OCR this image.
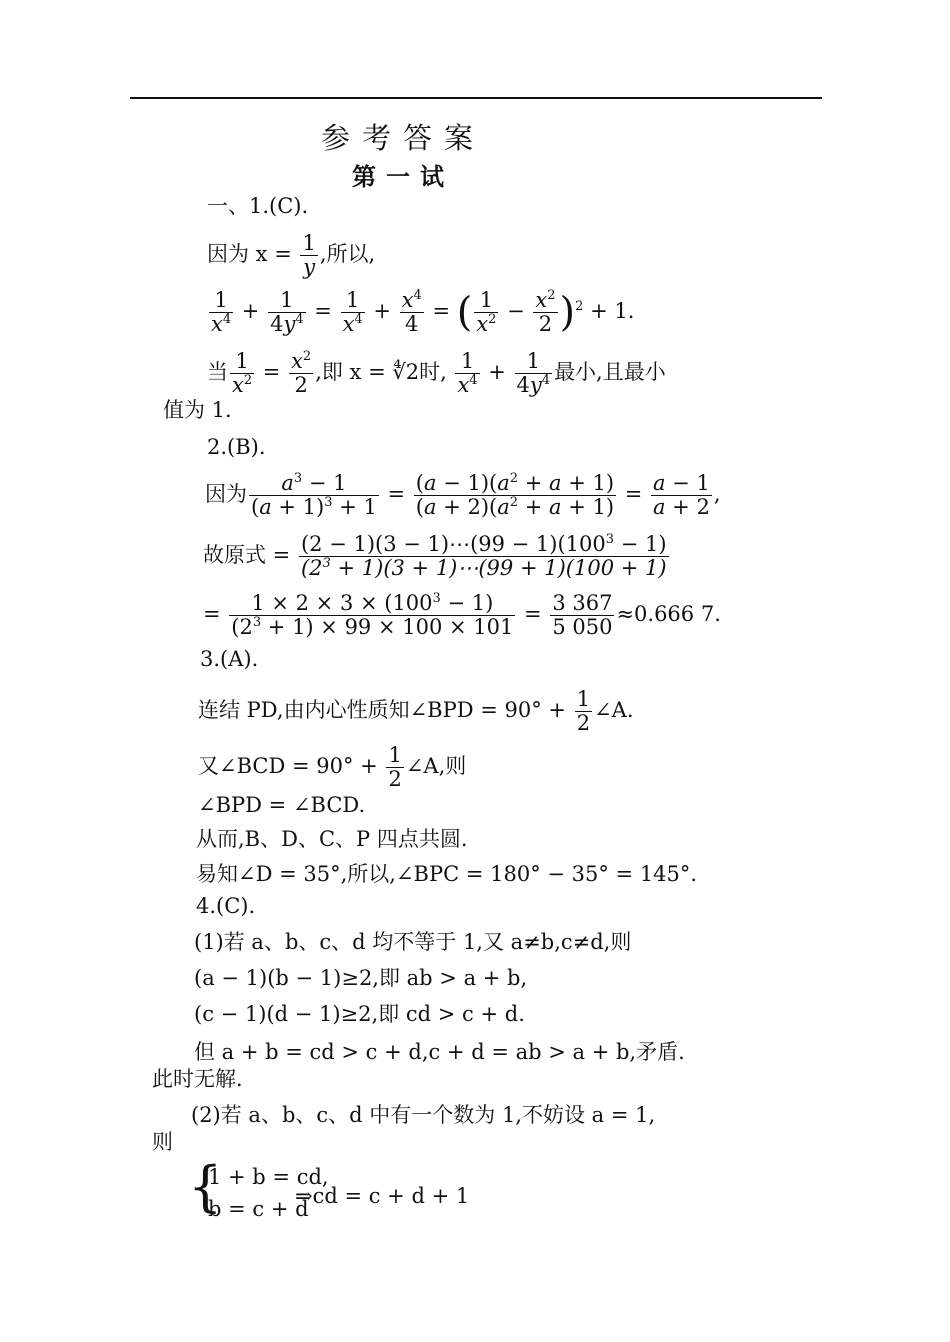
参考答案
第一试
一、1.(C).
因为 $x = \frac{1}{y}$ ,所以,
$\frac{1}{x^4} + \frac{1}{4y^4} = \frac{1}{x^4} + \frac{x^4}{4}$ = ( $\frac{1}{x^2} - \frac{x^2}{2} )^2 + 1$.
当 $\frac{1}{x^2} = \frac{x^2}{2}$ ,即 x = ∜2时, $\frac{1}{x^4} + \frac{1}{4y^4}$ 最小,且最小
值为 1.
2.(B).
因为 $\frac{a^3 - 1}{(a + 1)^3 + 1} = \frac{(a - 1)(a^2 + a + 1)}{(a + 2)(a^2 + a + 1)} = \frac{a - 1}{a + 2}$ ,
故原式 = $\frac{(2 - 1)(3 - 1)\cdots(99 - 1)(100^3 - 1)}{(2^3 + 1)(3 + 1)\cdots(99 + 1)(100 + 1)}$
= $\frac{1 \times 2 \times 3 \times (100^3 - 1)}{(2^3 + 1) \times 99 \times 100 \times 101} = \frac{3 367}{5 050} \approx 0.666$ 7.
3.(A).
连结 PD,由内心性质知∠BPD = $90^\circ + \frac{1}{2}$ ∠A.
又∠BCD = $90^\circ + \frac{1}{2}$ ∠A,则
∠BPD = ∠BCD.
从而,B、D、C、P 四点共圆.
易知∠D = 35°,所以,∠BPC = 180° − 35° = 145°.
4.(C).
(1)若 a、b、c、d 均不等于 1,又 a≠b,c≠d,则
(a − 1)(b − 1)≥2,即 ab > a + b,
(c − 1)(d − 1)≥2,即 cd > c + d.
但 a + b = cd > c + d,c + d = ab > a + b,矛盾.
此时无解.
(2)若 a、b、c、d 中有一个数为 1,不妨设 a = 1,
则
{
1 + b = cd,
b = c + d
⇒cd = c + d + 1
